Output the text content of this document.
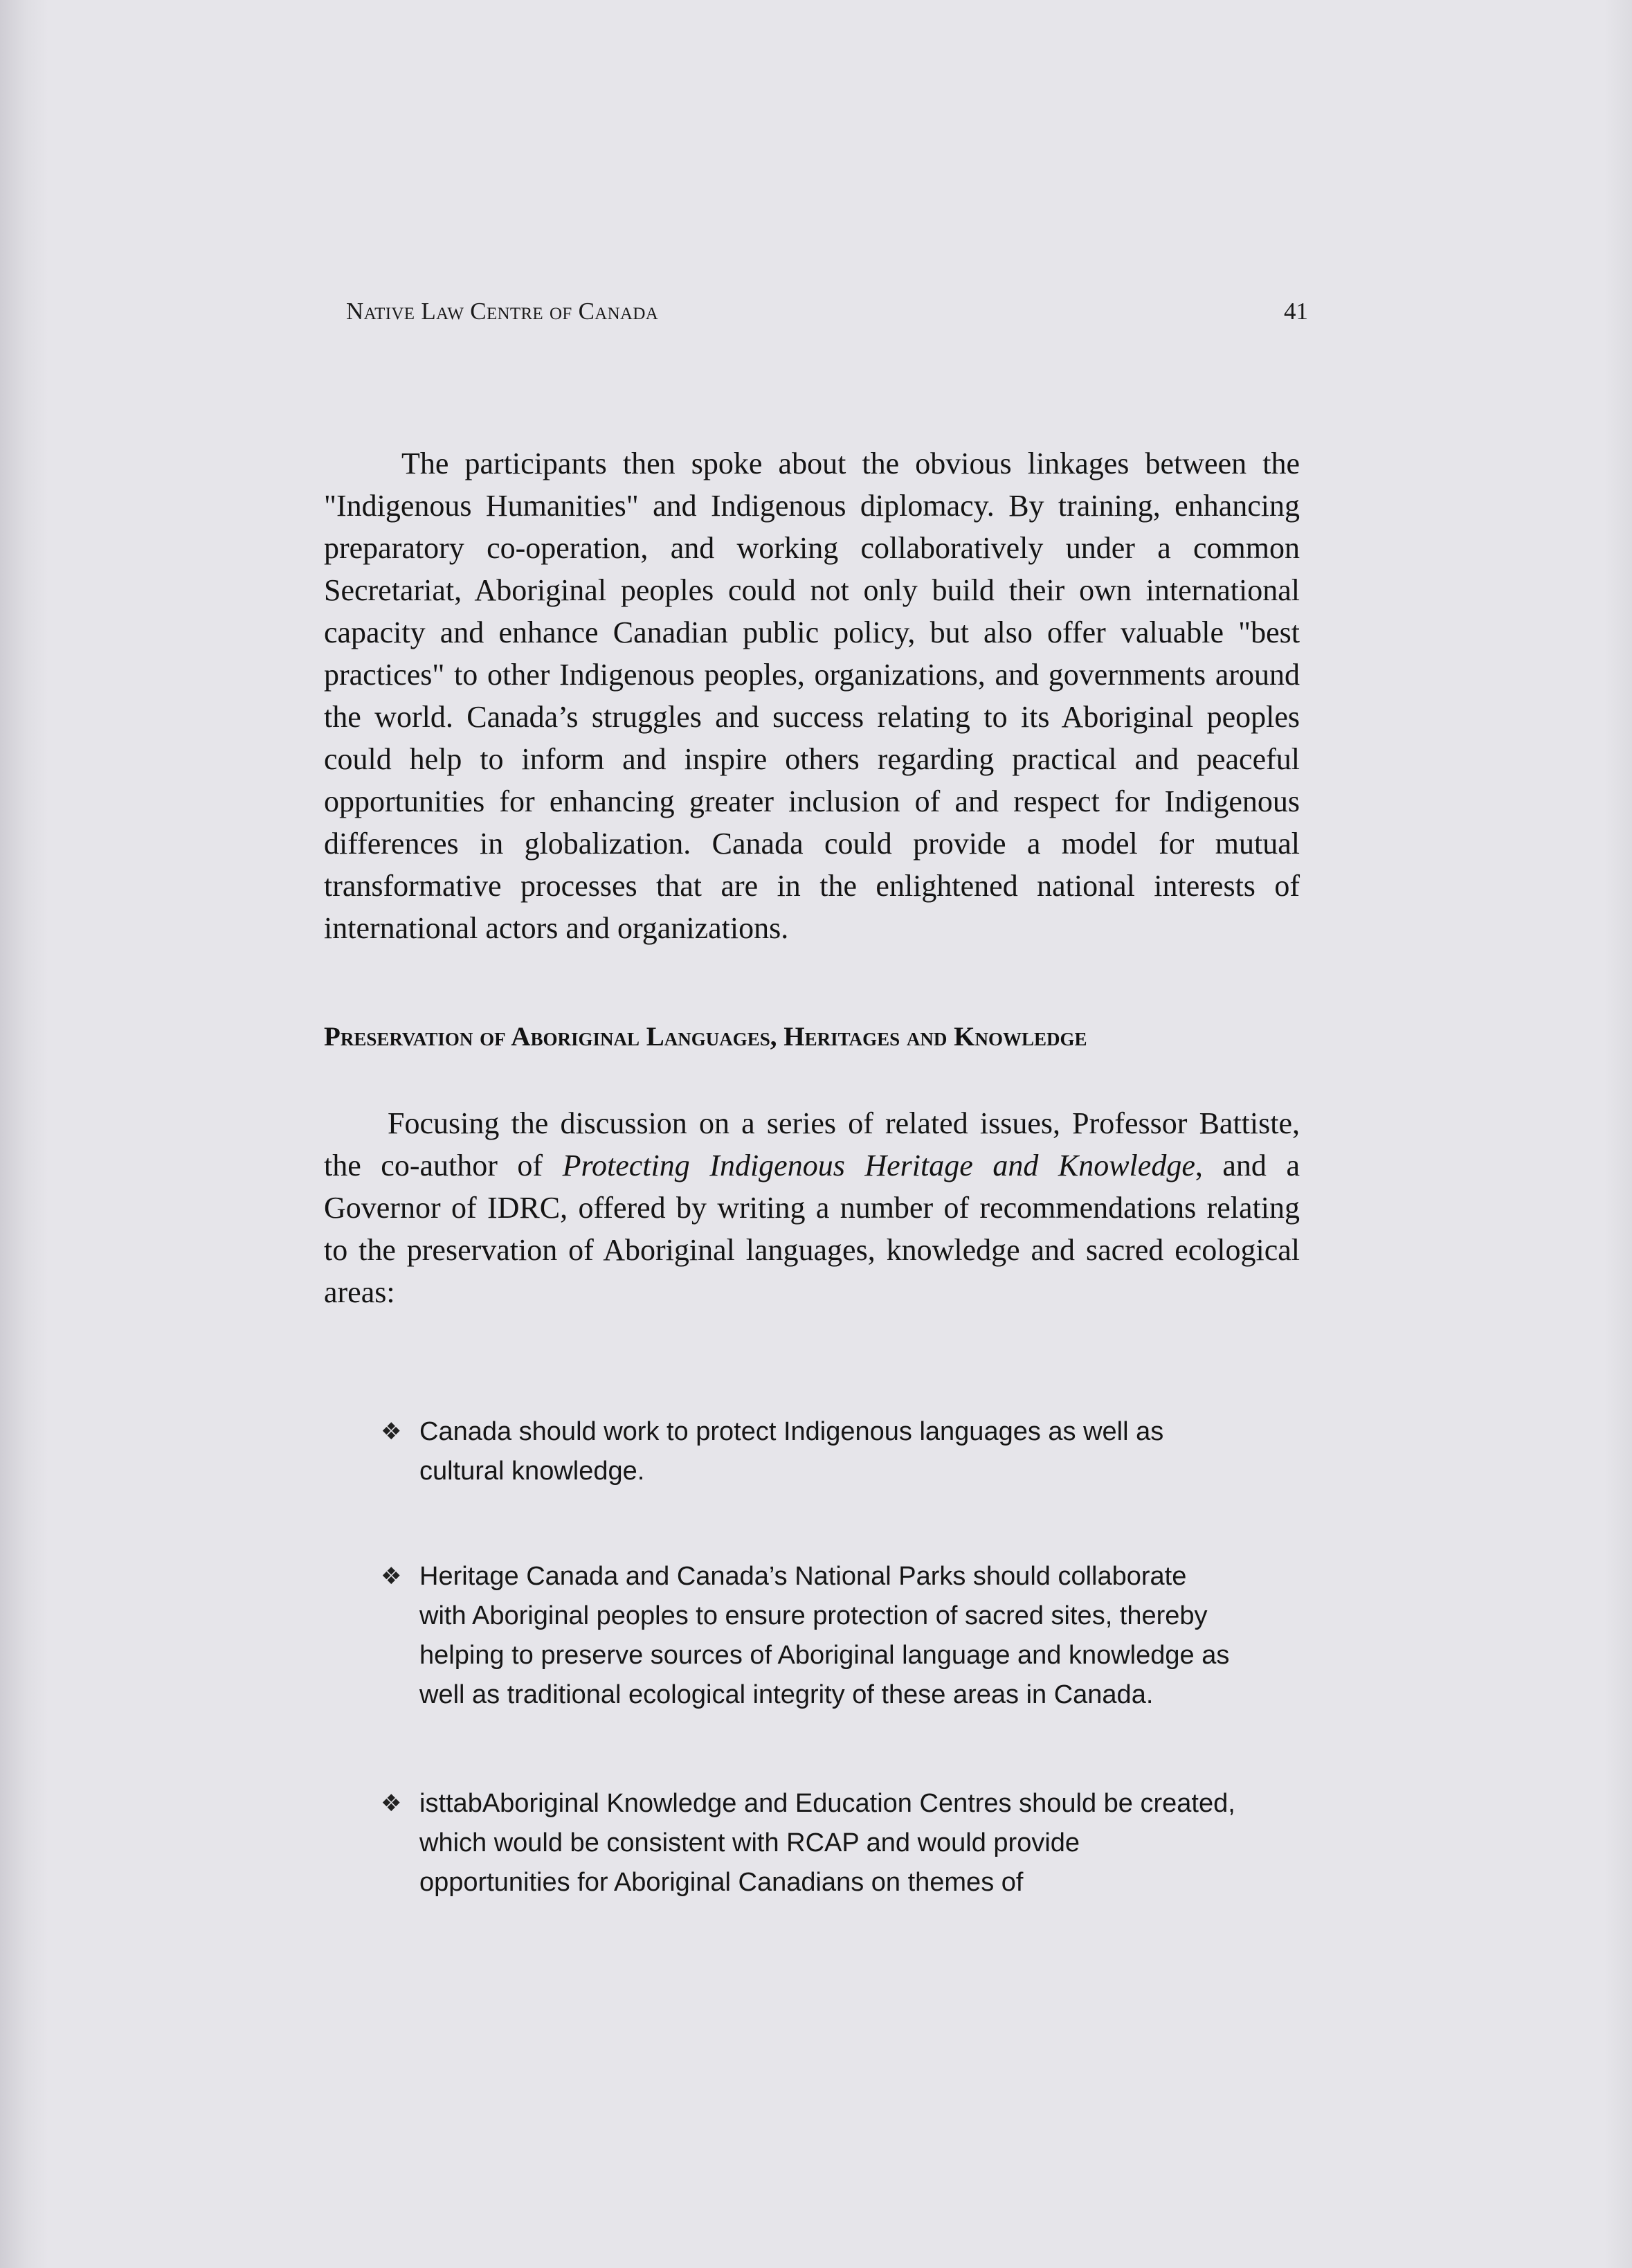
Native Law Centre of Canada	41

The participants then spoke about the obvious linkages between the "Indigenous Humanities" and Indigenous diplomacy. By training, enhancing preparatory co-operation, and working collaboratively under a common Secretariat, Aboriginal peoples could not only build their own international capacity and enhance Canadian public policy, but also offer valuable "best practices" to other Indigenous peoples, organizations, and governments around the world. Canada’s struggles and success relating to its Aboriginal peoples could help to inform and inspire others regarding practical and peaceful opportunities for enhancing greater inclusion of and respect for Indigenous differences in globalization. Canada could provide a model for mutual transformative processes that are in the enlightened national interests of international actors and organizations.

Preservation of Aboriginal Languages, Heritages and Knowledge

Focusing the discussion on a series of related issues, Professor Battiste, the co-author of Protecting Indigenous Heritage and Knowledge, and a Governor of IDRC, offered by writing a number of recommendations relating to the preservation of Aboriginal languages, knowledge and sacred ecological areas:

❖ Canada should work to protect Indigenous languages as well as cultural knowledge.
❖ Heritage Canada and Canada’s National Parks should collaborate with Aboriginal peoples to ensure protection of sacred sites, thereby helping to preserve sources of Aboriginal language and knowledge as well as traditional ecological integrity of these areas in Canada.
❖ isttabAboriginal Knowledge and Education Centres should be created, which would be consistent with RCAP and would provide opportunities for Aboriginal Canadians on themes of
